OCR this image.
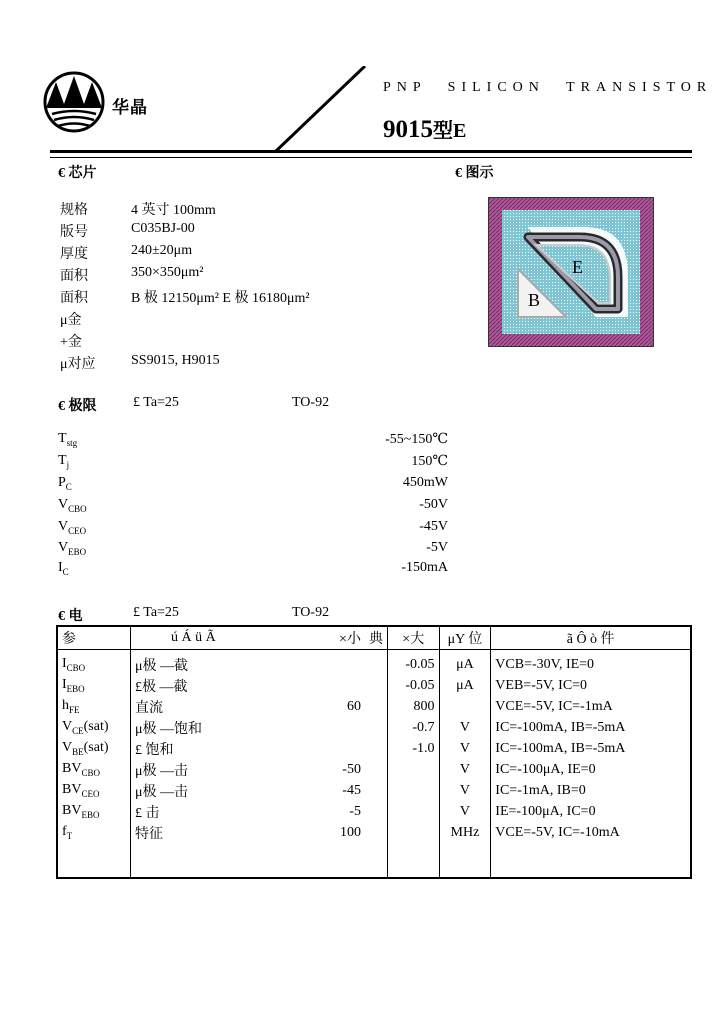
华晶
PNP SILICON TRANSISTOR
9015型E
€ 芯片	€ 图示
规格	4 英寸 100mm
版号	C035BJ-00
厚度	240±20μm
面积	350×350μm²
面积	B 极 12150μm² E 极 16180μm²
μ金
+金
μ对应	SS9015, H9015
E
B
€ 极限	£ Ta=25	TO-92
$T_{stg}$	-55~150℃
$T_j$	150℃
$P_C$	450mW
$V_{CBO}$	-50V
$V_{CEO}$	-45V
$V_{EBO}$	-5V
$I_C$	-150mA
€ 电	£ Ta=25	TO-92
参	ú Á ü Ã	×小	典	×大	μY 位	ã Ô ò 件
$I_{CBO}$	μ极 —截			-0.05	μA	VCB=-30V, IE=0
$I_{EBO}$	£极 —截			-0.05	μA	VEB=-5V, IC=0
$h_{FE}$	直流	60		800		VCE=-5V, IC=-1mA
$V_{CE}(sat)$	μ极 —饱和			-0.7	V	IC=-100mA, IB=-5mA
$V_{BE}(sat)$	£ 饱和			-1.0	V	IC=-100mA, IB=-5mA
$BV_{CBO}$	μ极 —击	-50			V	IC=-100μA, IE=0
$BV_{CEO}$	μ极 —击	-45			V	IC=-1mA, IB=0
$BV_{EBO}$	£ 击	-5			V	IE=-100μA, IC=0
$f_T$	特征	100			MHz	VCE=-5V, IC=-10mA
